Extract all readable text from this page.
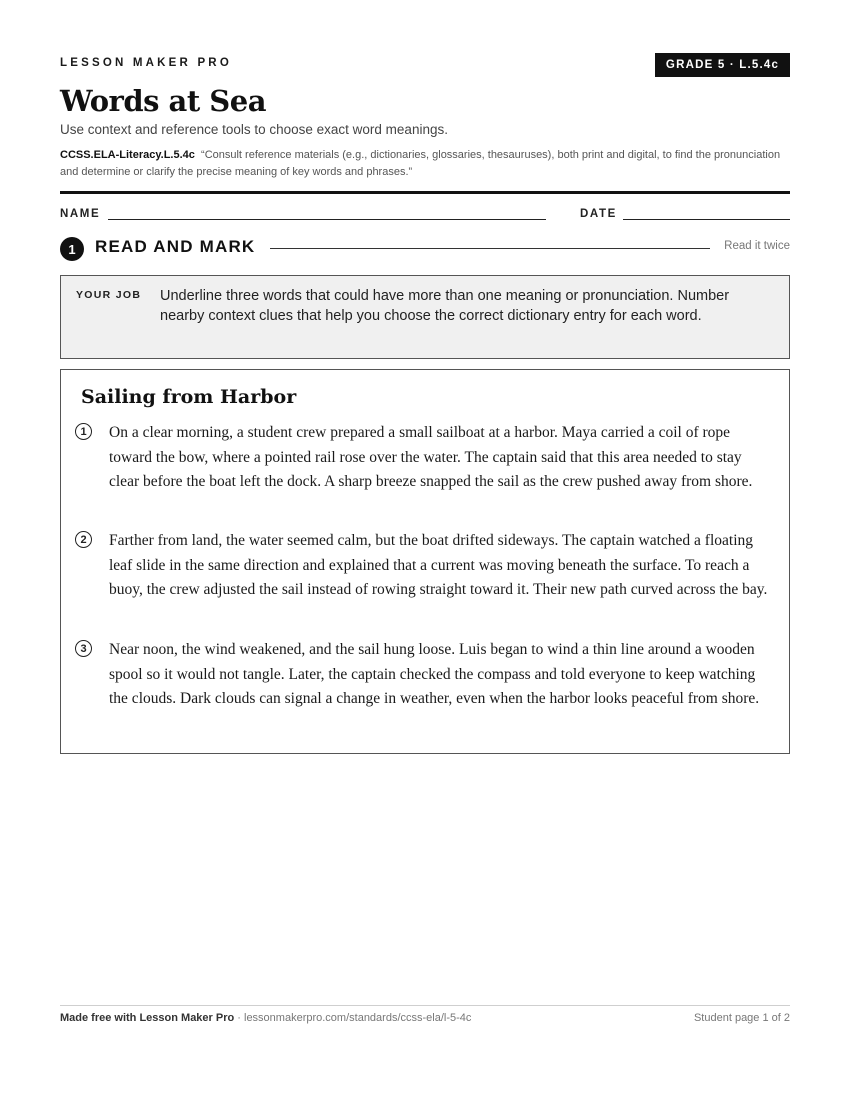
LESSON MAKER PRO	GRADE 5 · L.5.4c
Words at Sea
Use context and reference tools to choose exact word meanings.
CCSS.ELA-Literacy.L.5.4c “Consult reference materials (e.g., dictionaries, glossaries, thesauruses), both print and digital, to find the pronunciation and determine or clarify the precise meaning of key words and phrases.”
NAME	DATE
1	READ AND MARK	Read it twice
YOUR JOB Underline three words that could have more than one meaning or pronunciation. Number nearby context clues that help you choose the correct dictionary entry for each word.
Sailing from Harbor
1	On a clear morning, a student crew prepared a small sailboat at a harbor. Maya carried a coil of rope toward the bow, where a pointed rail rose over the water. The captain said that this area needed to stay clear before the boat left the dock. A sharp breeze snapped the sail as the crew pushed away from shore.
2	Farther from land, the water seemed calm, but the boat drifted sideways. The captain watched a floating leaf slide in the same direction and explained that a current was moving beneath the surface. To reach a buoy, the crew adjusted the sail instead of rowing straight toward it. Their new path curved across the bay.
3	Near noon, the wind weakened, and the sail hung loose. Luis began to wind a thin line around a wooden spool so it would not tangle. Later, the captain checked the compass and told everyone to keep watching the clouds. Dark clouds can signal a change in weather, even when the harbor looks peaceful from shore.
Made free with Lesson Maker Pro · lessonmakerpro.com/standards/ccss-ela/l-5-4c	Student page 1 of 2
